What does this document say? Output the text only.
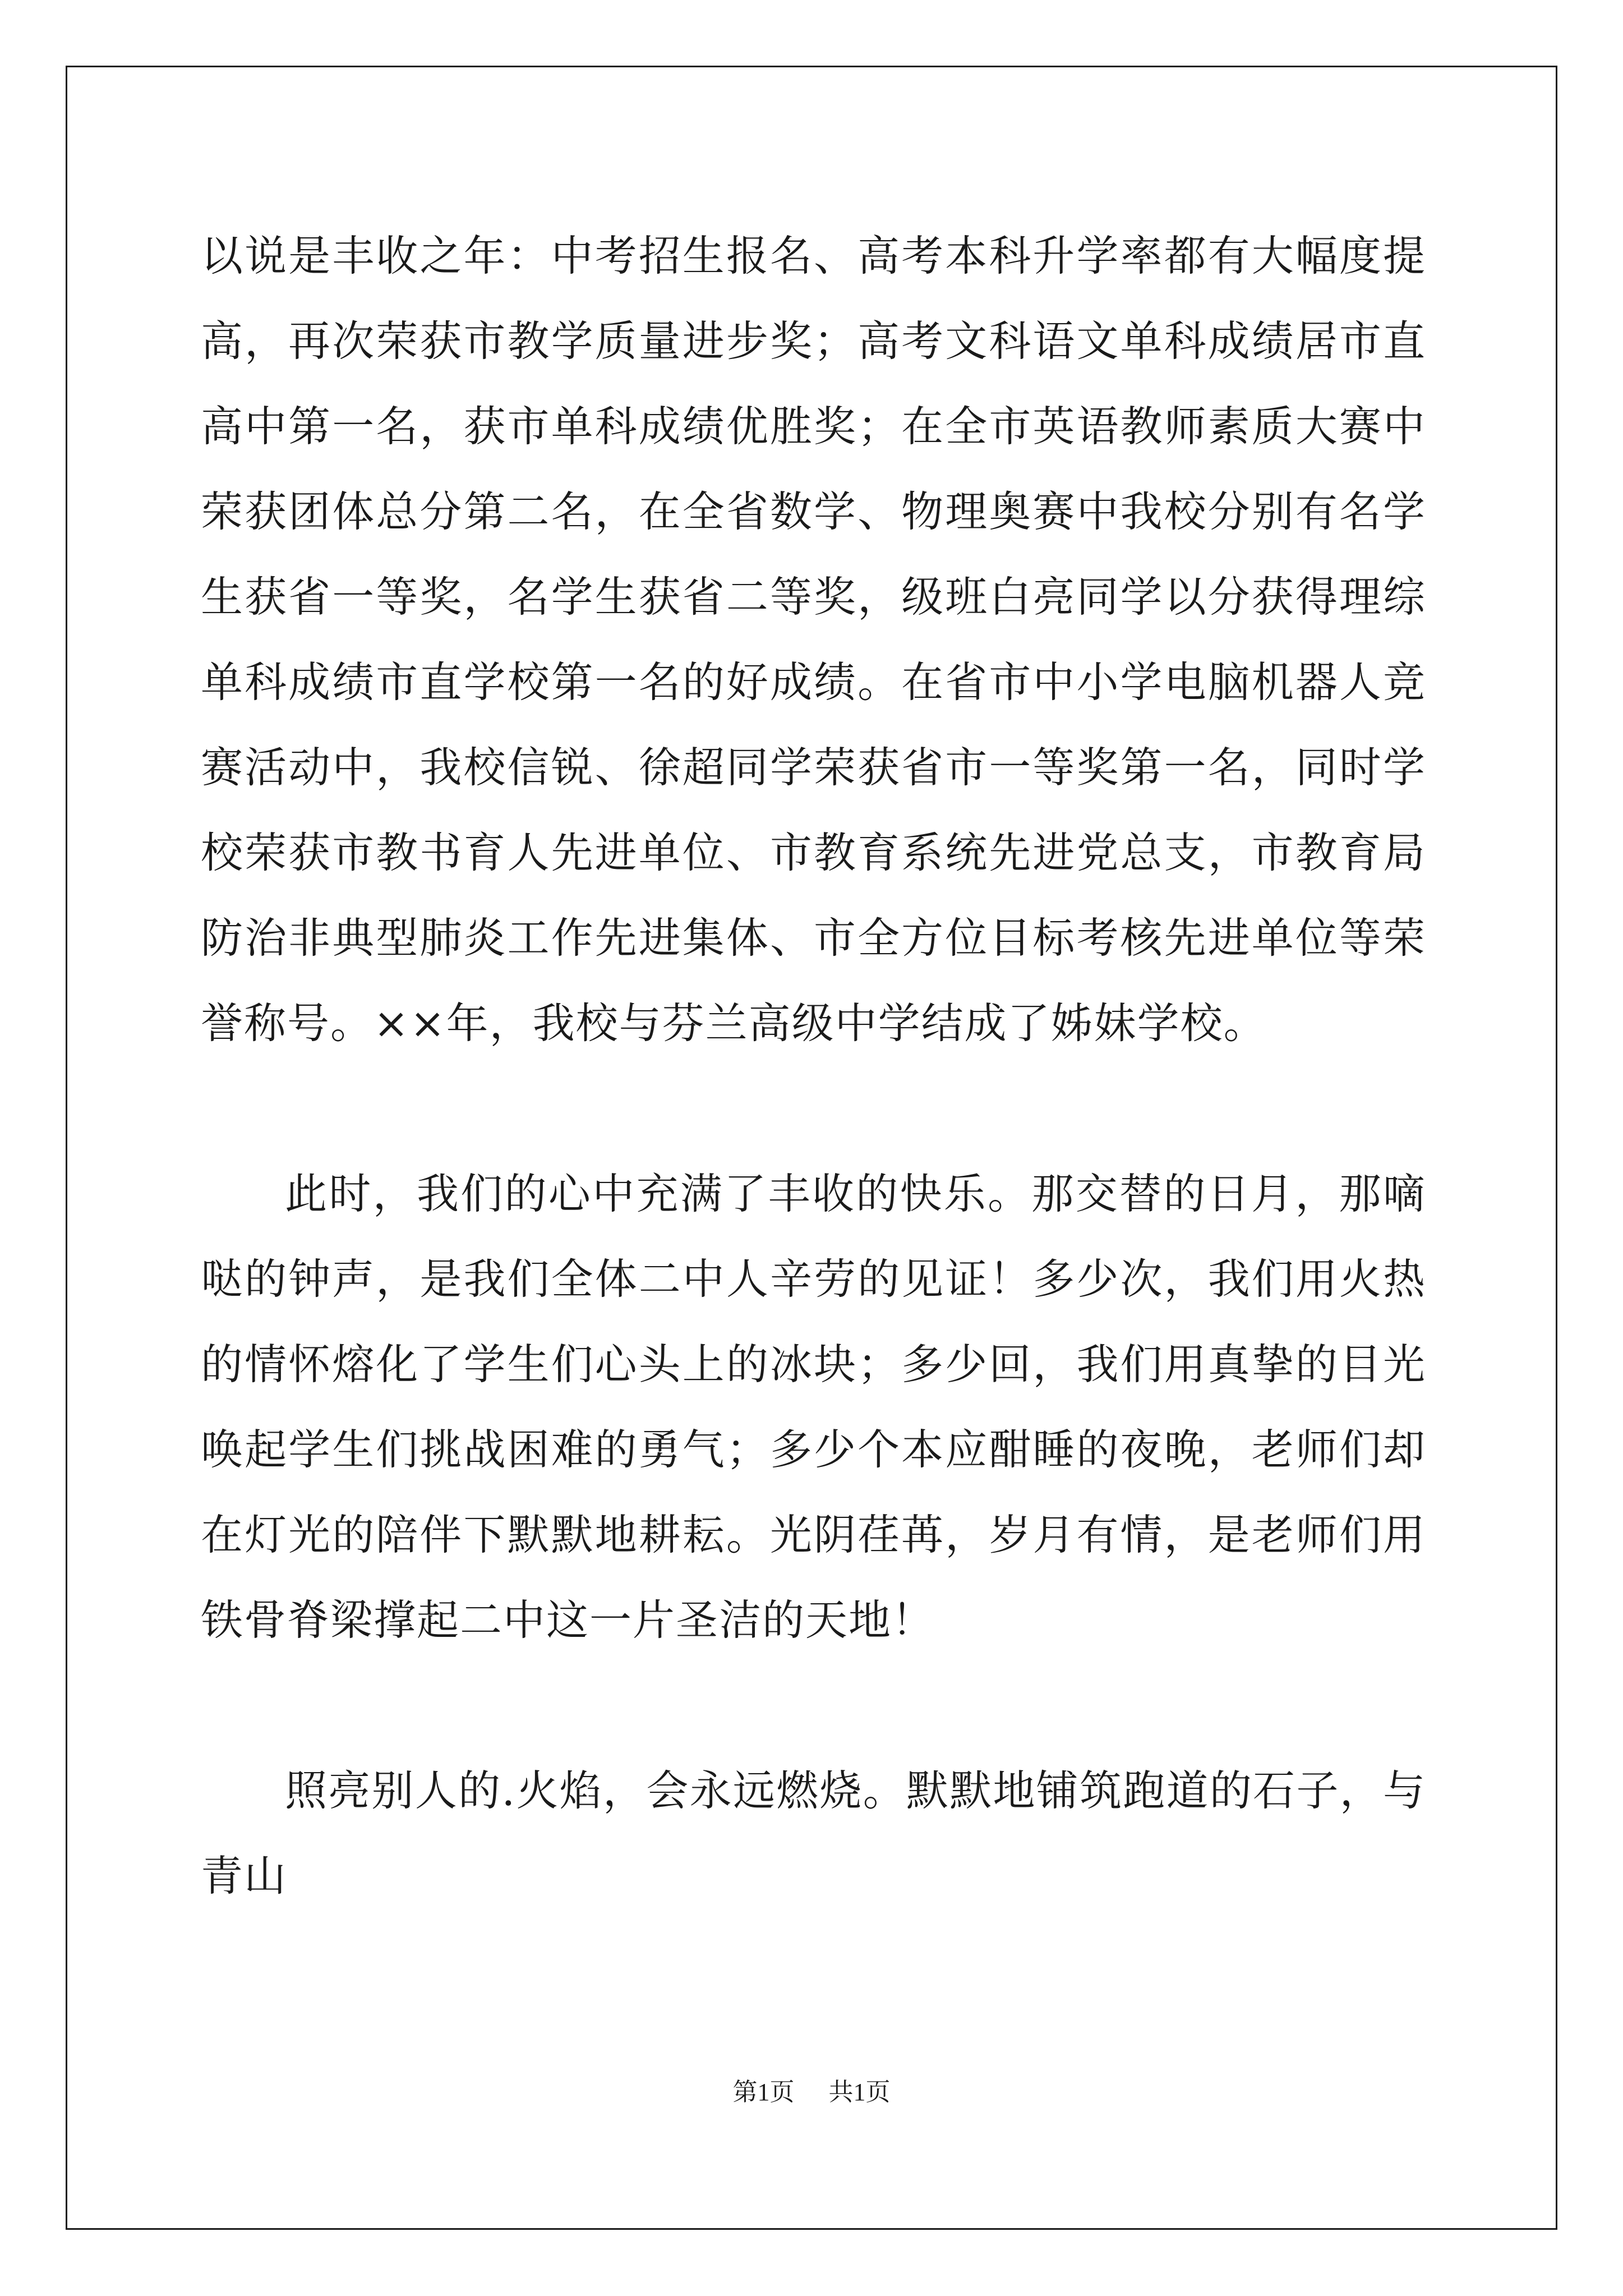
以说是丰收之年：中考招生报名、高考本科升学率都有大幅度提高，再次荣获市教学质量进步奖；高考文科语文单科成绩居市直高中第一名，获市单科成绩优胜奖；在全市英语教师素质大赛中荣获团体总分第二名，在全省数学、物理奥赛中我校分别有名学生获省一等奖，名学生获省二等奖，级班白亮同学以分获得理综单科成绩市直学校第一名的好成绩。在省市中小学电脑机器人竞赛活动中，我校信锐、徐超同学荣获省市一等奖第一名，同时学校荣获市教书育人先进单位、市教育系统先进党总支，市教育局防治非典型肺炎工作先进集体、市全方位目标考核先进单位等荣誉称号。××年，我校与芬兰高级中学结成了姊妹学校。

此时，我们的心中充满了丰收的快乐。那交替的日月，那嘀哒的钟声，是我们全体二中人辛劳的见证！多少次，我们用火热的情怀熔化了学生们心头上的冰块；多少回，我们用真挚的目光唤起学生们挑战困难的勇气；多少个本应酣睡的夜晚，老师们却在灯光的陪伴下默默地耕耘。光阴荏苒，岁月有情，是老师们用铁骨脊梁撑起二中这一片圣洁的天地！

照亮别人的.火焰，会永远燃烧。默默地铺筑跑道的石子，与青山

第1页 共1页
